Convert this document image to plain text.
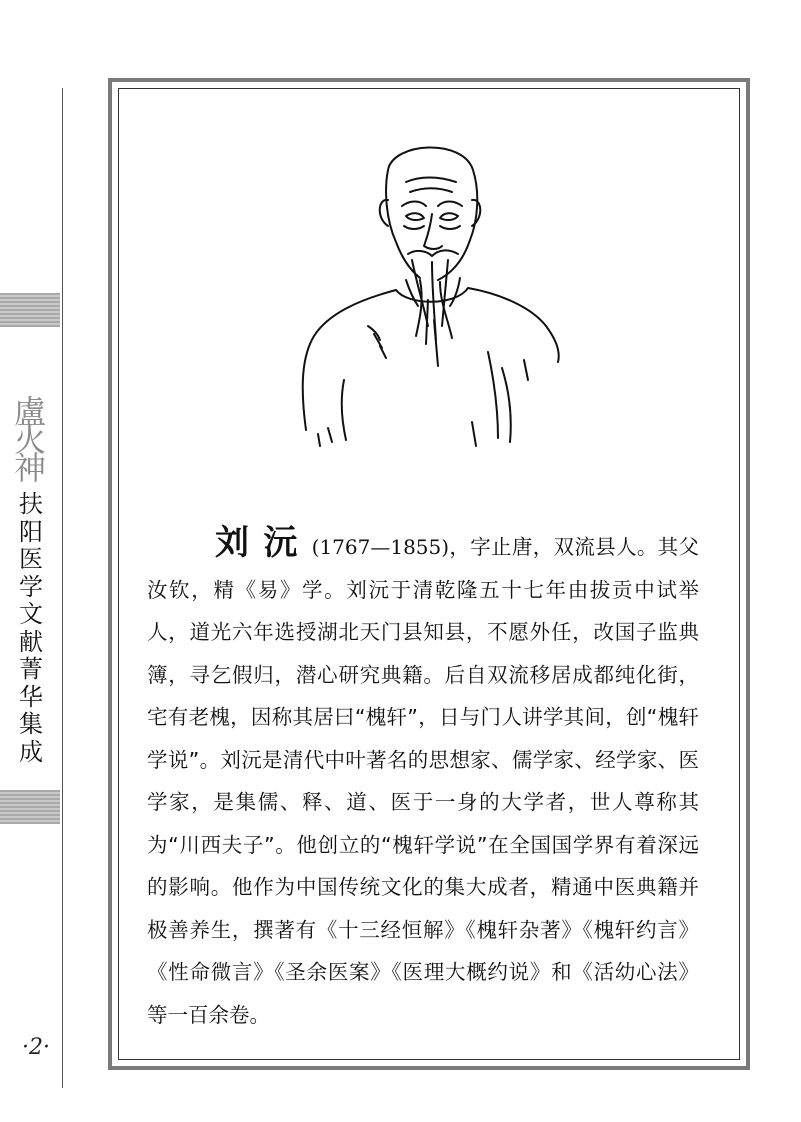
盧
火
神
扶
阳
医
学
文
献
菁
华
集
成
·2·
刘沅(1767—1855)，字止唐，双流县人。其父汝钦，精《易》学。刘沅于清乾隆五十七年由拔贡中试举人，道光六年选授湖北天门县知县，不愿外任，改国子监典簿，寻乞假归，潜心研究典籍。后自双流移居成都纯化街，宅有老槐，因称其居曰“槐轩”，日与门人讲学其间，创“槐轩学说”。刘沅是清代中叶著名的思想家、儒学家、经学家、医学家，是集儒、释、道、医于一身的大学者，世人尊称其为“川西夫子”。他创立的“槐轩学说”在全国国学界有着深远的影响。他作为中国传统文化的集大成者，精通中医典籍并极善养生，撰著有《十三经恒解》《槐轩杂著》《槐轩约言》《性命微言》《圣余医案》《医理大概约说》和《活幼心法》等一百余卷。
